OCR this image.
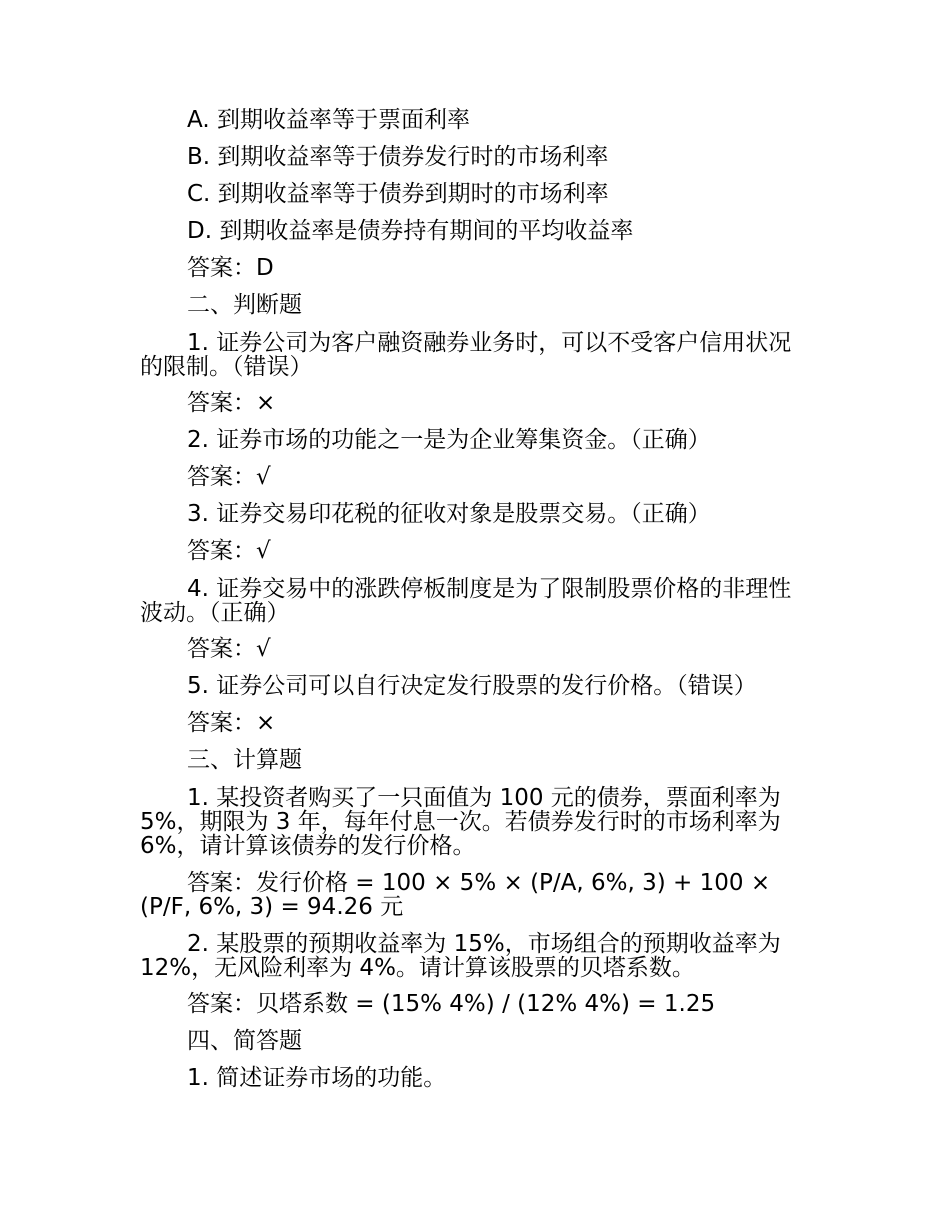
A. 到期收益率等于票面利率

B. 到期收益率等于债券发行时的市场利率

C. 到期收益率等于债券到期时的市场利率

D. 到期收益率是债券持有期间的平均收益率

答案：D

二、判断题

1. 证券公司为客户融资融券业务时，可以不受客户信用状况的限制。（错误）

答案：×

2. 证券市场的功能之一是为企业筹集资金。（正确）

答案：√

3. 证券交易印花税的征收对象是股票交易。（正确）

答案：√

4. 证券交易中的涨跌停板制度是为了限制股票价格的非理性波动。（正确）

答案：√

5. 证券公司可以自行决定发行股票的发行价格。（错误）

答案：×

三、计算题

1. 某投资者购买了一只面值为 100 元的债券，票面利率为 5%，期限为 3 年，每年付息一次。若债券发行时的市场利率为 6%，请计算该债券的发行价格。

答案：发行价格 = 100 × 5% × (P/A, 6%, 3) + 100 × (P/F, 6%, 3) = 94.26 元

2. 某股票的预期收益率为 15%，市场组合的预期收益率为 12%，无风险利率为 4%。请计算该股票的贝塔系数。

答案：贝塔系数 = (15% 4%) / (12% 4%) = 1.25

四、简答题

1. 简述证券市场的功能。
